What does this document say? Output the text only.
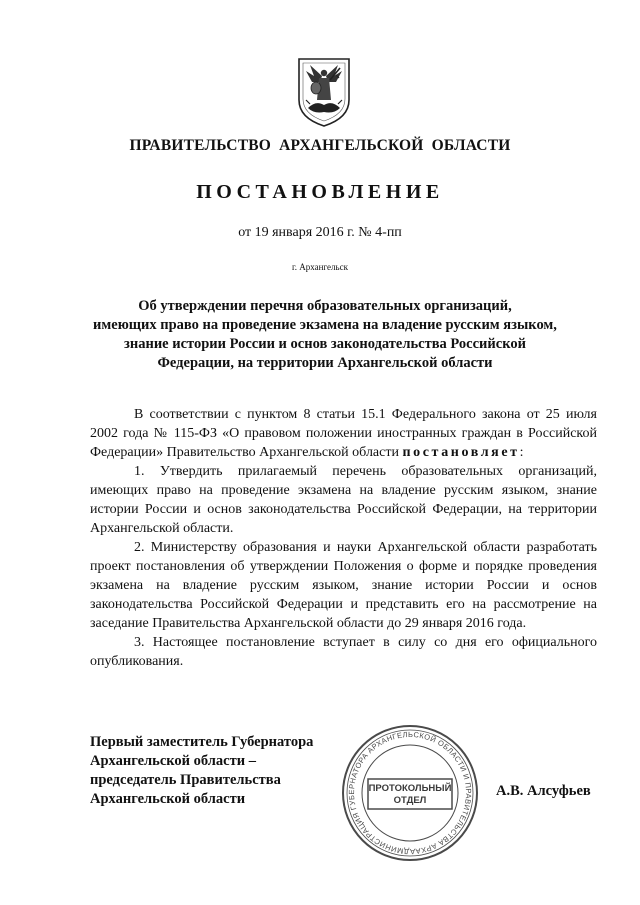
ПРАВИТЕЛЬСТВО АРХАНГЕЛЬСКОЙ ОБЛАСТИ
ПОСТАНОВЛЕНИЕ
от 19 января 2016 г. № 4-пп
г. Архангельск
Об утверждении перечня образовательных организаций,
имеющих право на проведение экзамена на владение русским языком,
знание истории России и основ законодательства Российской
Федерации, на территории Архангельской области

В соответствии с пунктом 8 статьи 15.1 Федерального закона от 25 июля 2002 года № 115-ФЗ «О правовом положении иностранных граждан в Российской Федерации» Правительство Архангельской области постановляет:

1. Утвердить прилагаемый перечень образовательных организаций, имеющих право на проведение экзамена на владение русским языком, знание истории России и основ законодательства Российской Федерации, на территории Архангельской области.

2. Министерству образования и науки Архангельской области разработать проект постановления об утверждении Положения о форме и порядке проведения экзамена на владение русским языком, знание истории России и основ законодательства Российской Федерации и представить его на рассмотрение на заседание Правительства Архангельской области до 29 января 2016 года.

3. Настоящее постановление вступает в силу со дня его официального опубликования.

Первый заместитель Губернатора
Архангельской области –
председатель Правительства
Архангельской области
АДМИНИСТРАЦИЯ ГУБЕРНАТОРА АРХАНГЕЛЬСКОЙ ОБЛАСТИ И ПРАВИТЕЛЬСТВА АРХАНГЕЛЬСКОЙ
ПРОТОКОЛЬНЫЙ
ОТДЕЛ
А.В. Алсуфьев
